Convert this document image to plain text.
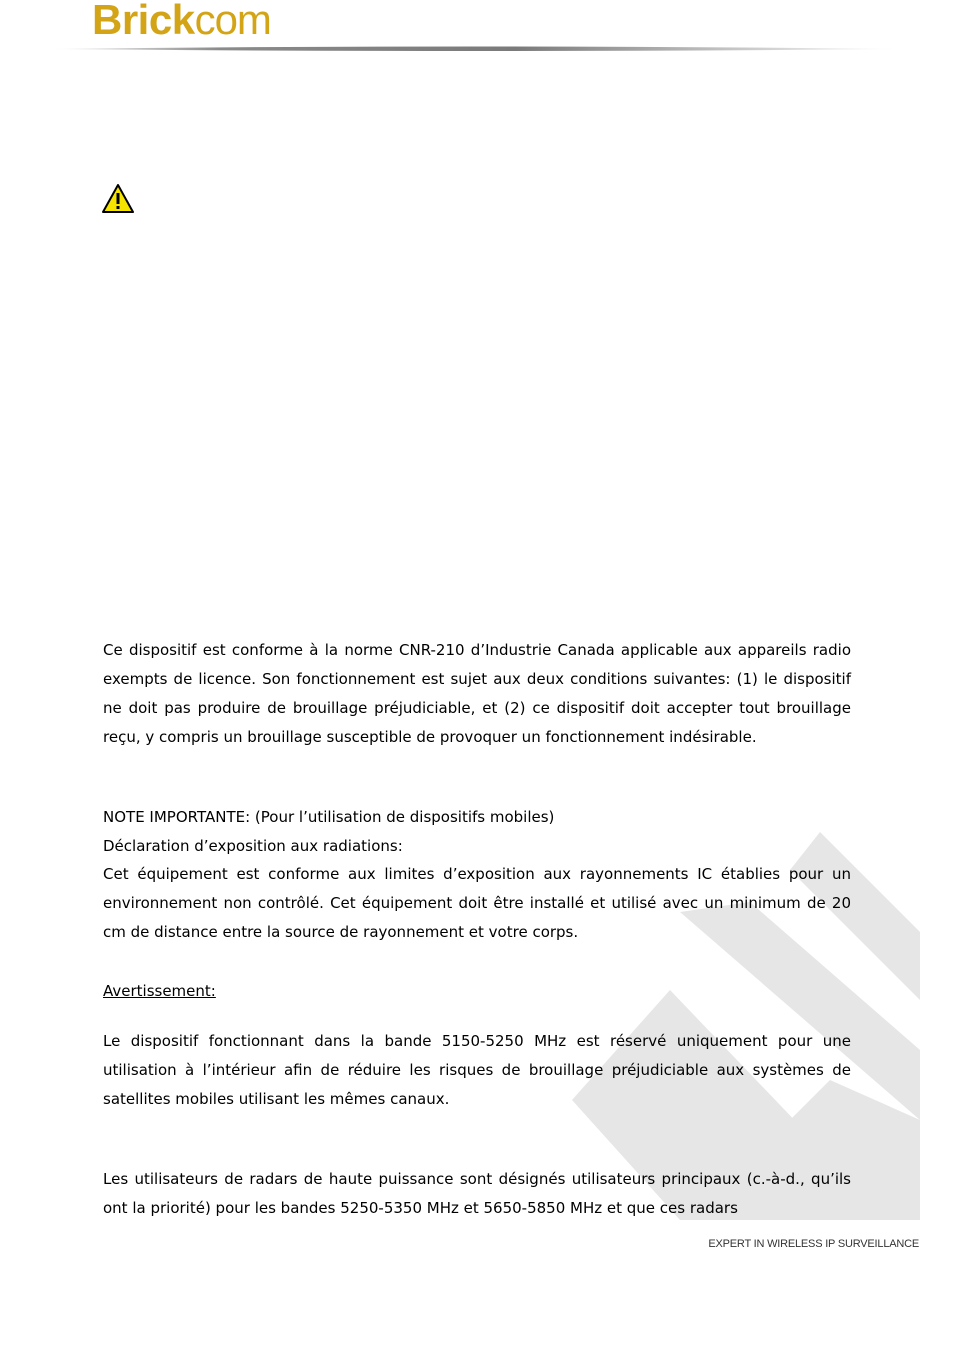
Brickcom

Ce dispositif est conforme à la norme CNR-210 d’Industrie Canada applicable aux appareils radio exempts de licence. Son fonctionnement est sujet aux deux conditions suivantes: (1) le dispositif ne doit pas produire de brouillage préjudiciable, et (2) ce dispositif doit accepter tout brouillage reçu, y compris un brouillage susceptible de provoquer un fonctionnement indésirable.

NOTE IMPORTANTE: (Pour l’utilisation de dispositifs mobiles)

Déclaration d’exposition aux radiations:

Cet équipement est conforme aux limites d’exposition aux rayonnements IC établies pour un environnement non contrôlé. Cet équipement doit être installé et utilisé avec un minimum de 20 cm de distance entre la source de rayonnement et votre corps.

Avertissement:

Le dispositif fonctionnant dans la bande 5150-5250 MHz est réservé uniquement pour une utilisation à l’intérieur afin de réduire les risques de brouillage préjudiciable aux systèmes de satellites mobiles utilisant les mêmes canaux.

Les utilisateurs de radars de haute puissance sont désignés utilisateurs principaux (c.-à-d., qu’ils ont la priorité) pour les bandes 5250-5350 MHz et 5650-5850 MHz et que ces radars

EXPERT IN WIRELESS IP SURVEILLANCE
